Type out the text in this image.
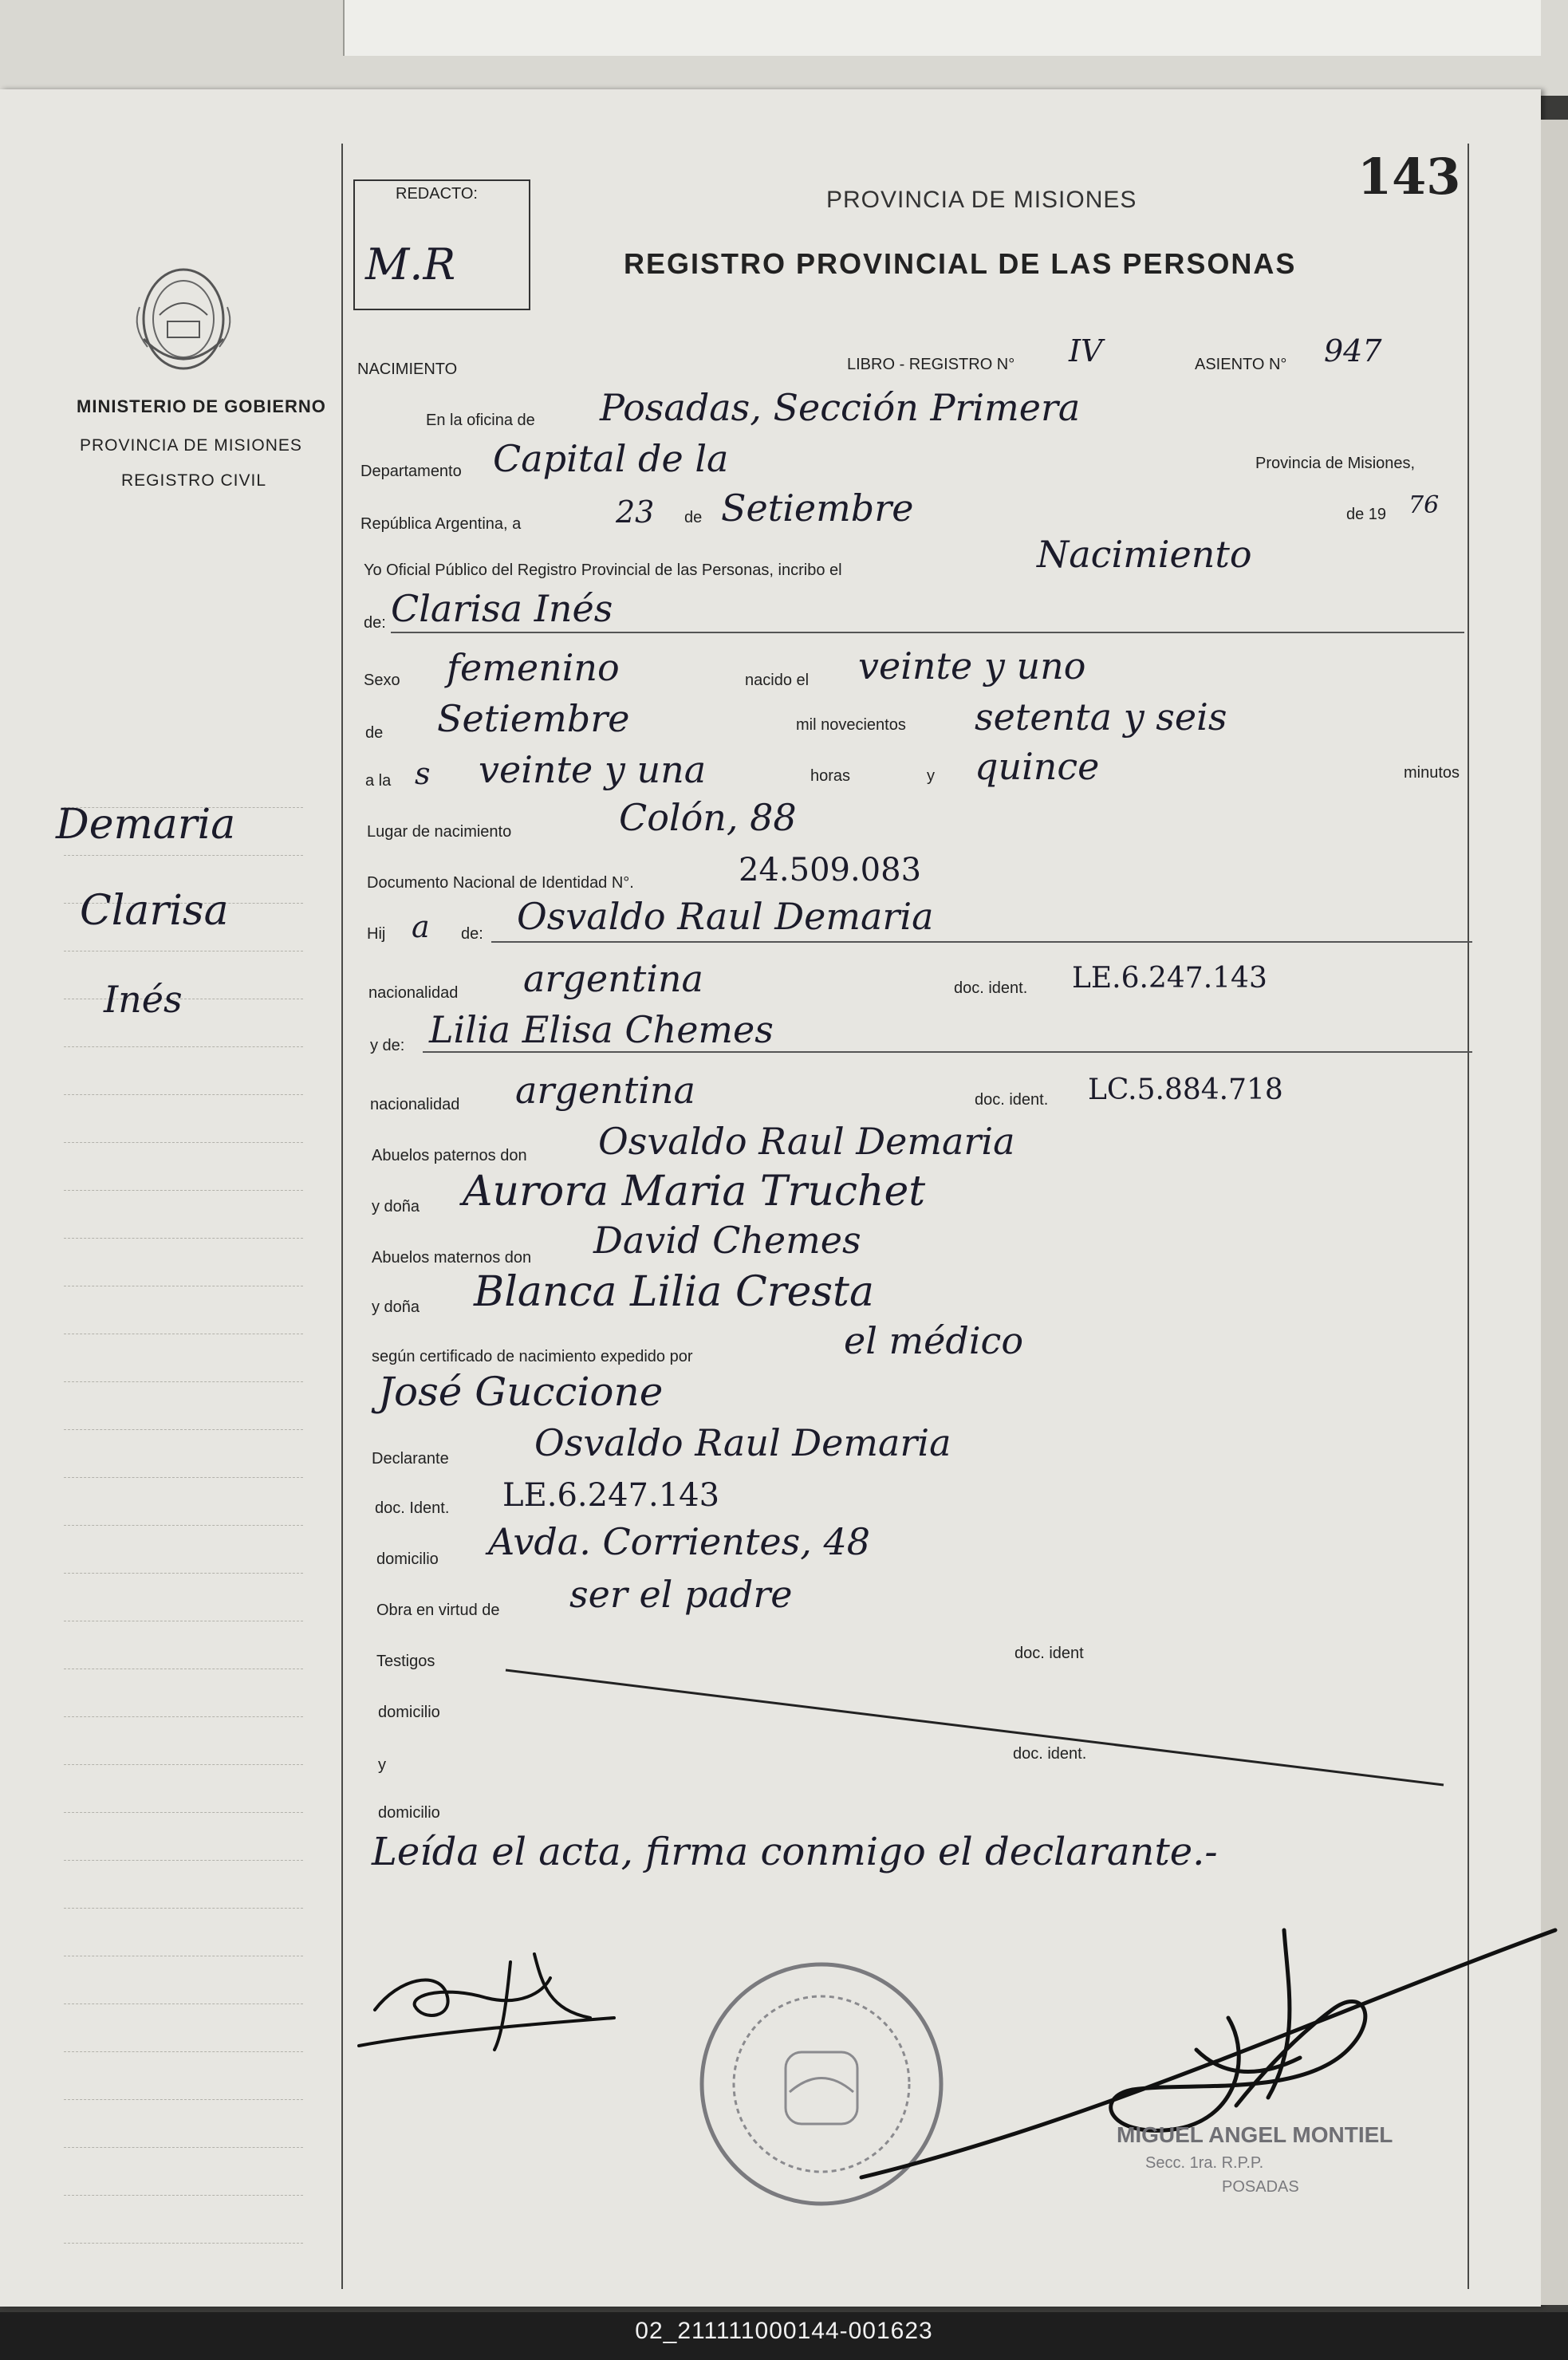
MINISTERIO DE GOBIERNO
PROVINCIA DE MISIONES
REGISTRO CIVIL
Demaria
Clarisa
Inés
REDACTO:
M.R
PROVINCIA DE MISIONES
REGISTRO PROVINCIAL DE LAS PERSONAS
143
NACIMIENTO	LIBRO - REGISTRO N° IV	ASIENTO N° 947
En la oficina de Posadas, Sección Primera
Departamento Capital de la	Provincia de Misiones,
República Argentina, a	23 de Setiembre	de 19 76
Yo Oficial Público del Registro Provincial de las Personas, incribo el	Nacimiento
de: Clarisa Inés
Sexo femenino	nacido el veinte y uno
de Setiembre	mil novecientos setenta y seis
a la s veinte y una	horas	y quince	minutos
Lugar de nacimiento	Colón, 88
Documento Nacional de Identidad N°.	24.509.083
Hij a de: Osvaldo Raul Demaria
nacionalidad argentina	doc. ident. LE.6.247.143
y de: Lilia Elisa Chemes
nacionalidad argentina	doc. ident. LC.5.884.718
Abuelos paternos don Osvaldo Raul Demaria
y doña Aurora Maria Truchet
Abuelos maternos don David Chemes
y doña Blanca Lilia Cresta
según certificado de nacimiento expedido por	el médico
José Guccione
Declarante Osvaldo Raul Demaria
doc. Ident. LE.6.247.143
domicilio Avda. Corrientes, 48
Obra en virtud de ser el padre
Testigos	doc. ident
domicilio
y
doc. ident.
domicilio
Leída el acta, firma conmigo el declarante.-
MIGUEL ANGEL MONTIEL
Secc. 1ra. R.P.P.
POSADAS
02_211111000144-001623
